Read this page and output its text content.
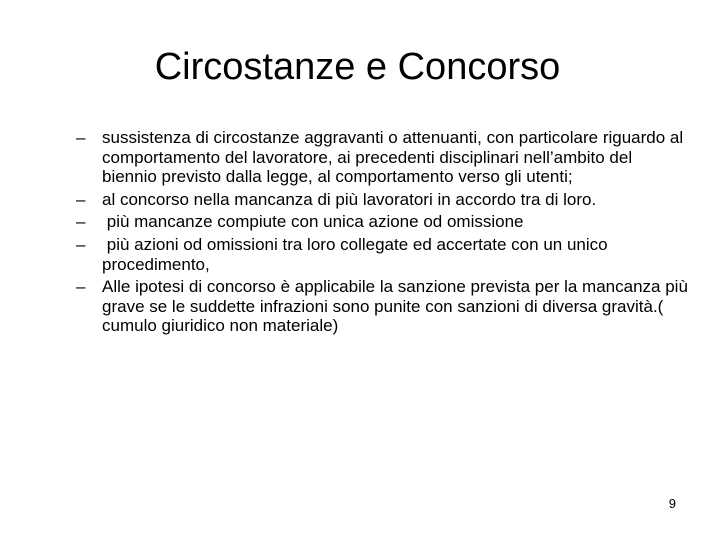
Circostanze e Concorso
– sussistenza di circostanze aggravanti o attenuanti, con particolare riguardo al comportamento del lavoratore, ai precedenti disciplinari nell’ambito del biennio previsto dalla legge, al comportamento verso gli utenti;
– al concorso nella mancanza di più lavoratori in accordo tra di loro.
– più mancanze compiute con unica azione od omissione
– più azioni od omissioni tra loro collegate ed accertate con un unico procedimento,
– Alle ipotesi di concorso è applicabile la sanzione prevista per la mancanza più grave se le suddette infrazioni sono punite con sanzioni di diversa gravità.( cumulo giuridico non materiale)
9
